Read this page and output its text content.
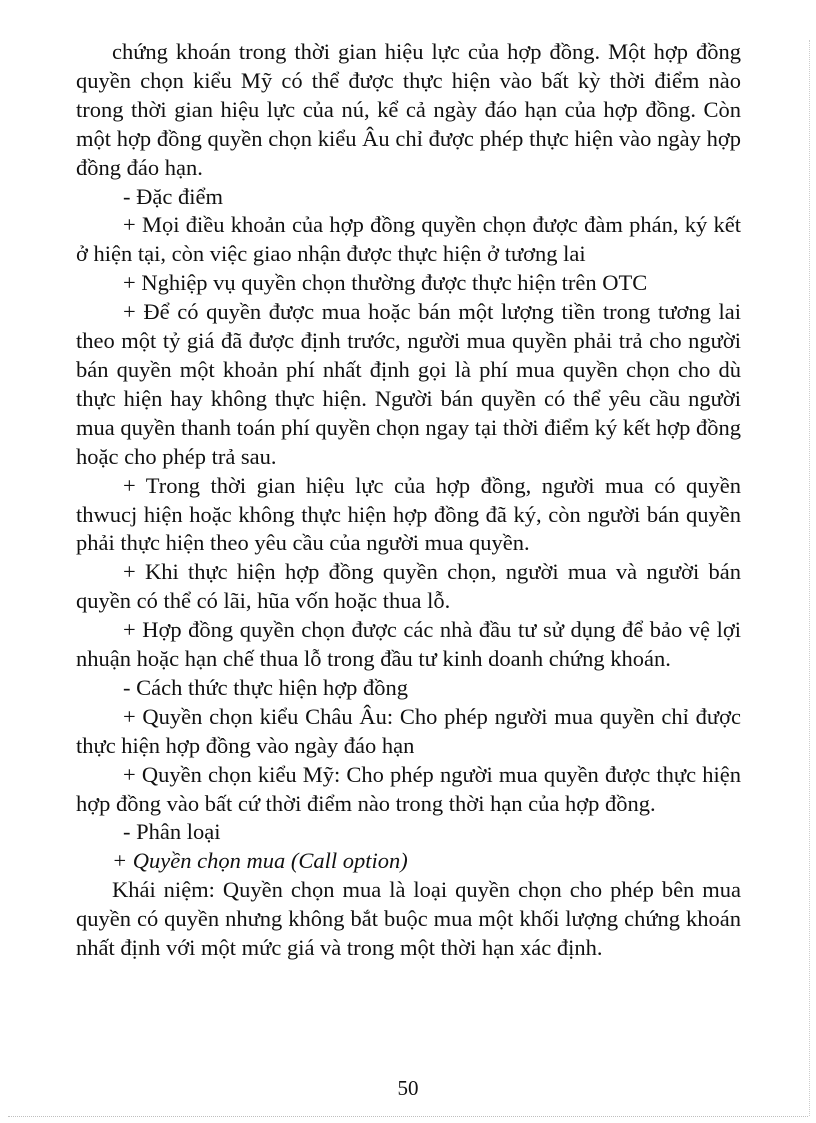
chứng khoán trong thời gian hiệu lực của hợp đồng. Một hợp đồng quyền chọn kiểu Mỹ có thể được thực hiện vào bất kỳ thời điểm nào trong thời gian hiệu lực của nú, kể cả ngày đáo hạn của hợp đồng. Còn một hợp đồng quyền chọn kiểu Âu chỉ được phép thực hiện vào ngày hợp đồng đáo hạn.

- Đặc điểm

+ Mọi điều khoản của hợp đồng quyền chọn được đàm phán, ký kết ở hiện tại, còn việc giao nhận được thực hiện ở tương lai

+ Nghiệp vụ quyền chọn thường được thực hiện trên OTC

+ Để có quyền được mua hoặc bán một lượng tiền trong tương lai theo một tỷ giá đã được định trước, người mua quyền phải trả cho người bán quyền một khoản phí nhất định gọi là phí mua quyền chọn cho dù thực hiện hay không thực hiện. Người bán quyền có thể yêu cầu người mua quyền thanh toán phí quyền chọn ngay tại thời điểm ký kết hợp đồng hoặc cho phép trả sau.

+ Trong thời gian hiệu lực của hợp đồng, người mua có quyền thwucj hiện hoặc không thực hiện hợp đồng đã ký, còn người bán quyền phải thực hiện theo yêu cầu của người mua quyền.

+ Khi thực hiện hợp đồng quyền chọn, người mua và người bán quyền có thể có lãi, hũa vốn hoặc thua lỗ.

+ Hợp đồng quyền chọn được các nhà đầu tư sử dụng để bảo vệ lợi nhuận hoặc hạn chế thua lỗ trong đầu tư kinh doanh chứng khoán.

- Cách thức thực hiện hợp đồng

+ Quyền chọn kiểu Châu Âu: Cho phép người mua quyền chỉ được thực hiện hợp đồng vào ngày đáo hạn

+ Quyền chọn kiểu Mỹ: Cho phép người mua quyền được thực hiện hợp đồng vào bất cứ thời điểm nào trong thời hạn của hợp đồng.

- Phân loại

+ Quyền chọn mua (Call option)

Khái niệm: Quyền chọn mua là loại quyền chọn cho phép bên mua quyền có quyền nhưng không bắt buộc mua một khối lượng chứng khoán nhất định với một mức giá và trong một thời hạn xác định.

50
